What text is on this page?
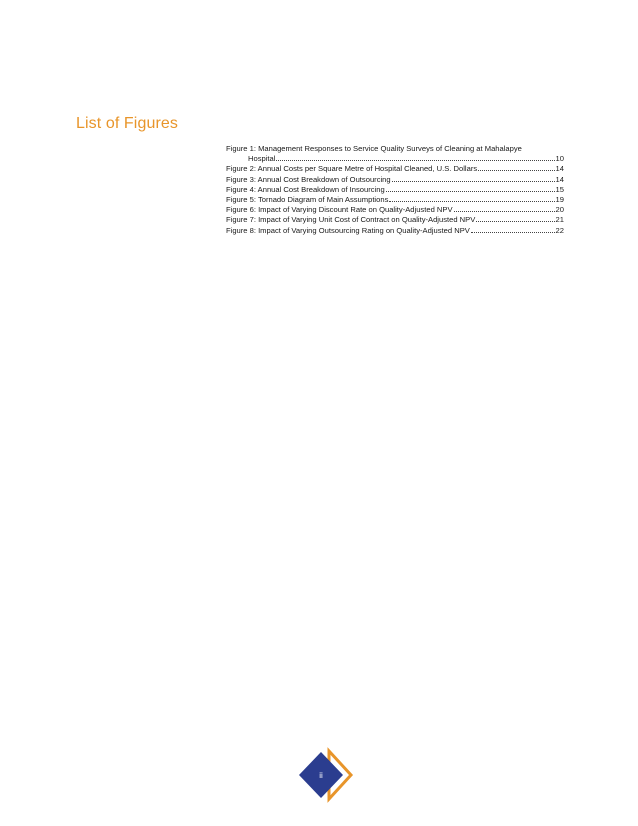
List of Figures
Figure 1: Management Responses to Service Quality Surveys of Cleaning at Mahalapye
Hospital	10
Figure 2: Annual Costs per Square Metre of Hospital Cleaned, U.S. Dollars	14
Figure 3: Annual Cost Breakdown of Outsourcing	14
Figure 4: Annual Cost Breakdown of Insourcing	15
Figure 5: Tornado Diagram of Main Assumptions	19
Figure 6: Impact of Varying Discount Rate on Quality-Adjusted NPV	20
Figure 7: Impact of Varying Unit Cost of Contract on Quality-Adjusted NPV	21
Figure 8: Impact of Varying Outsourcing Rating on Quality-Adjusted NPV	22
ii
